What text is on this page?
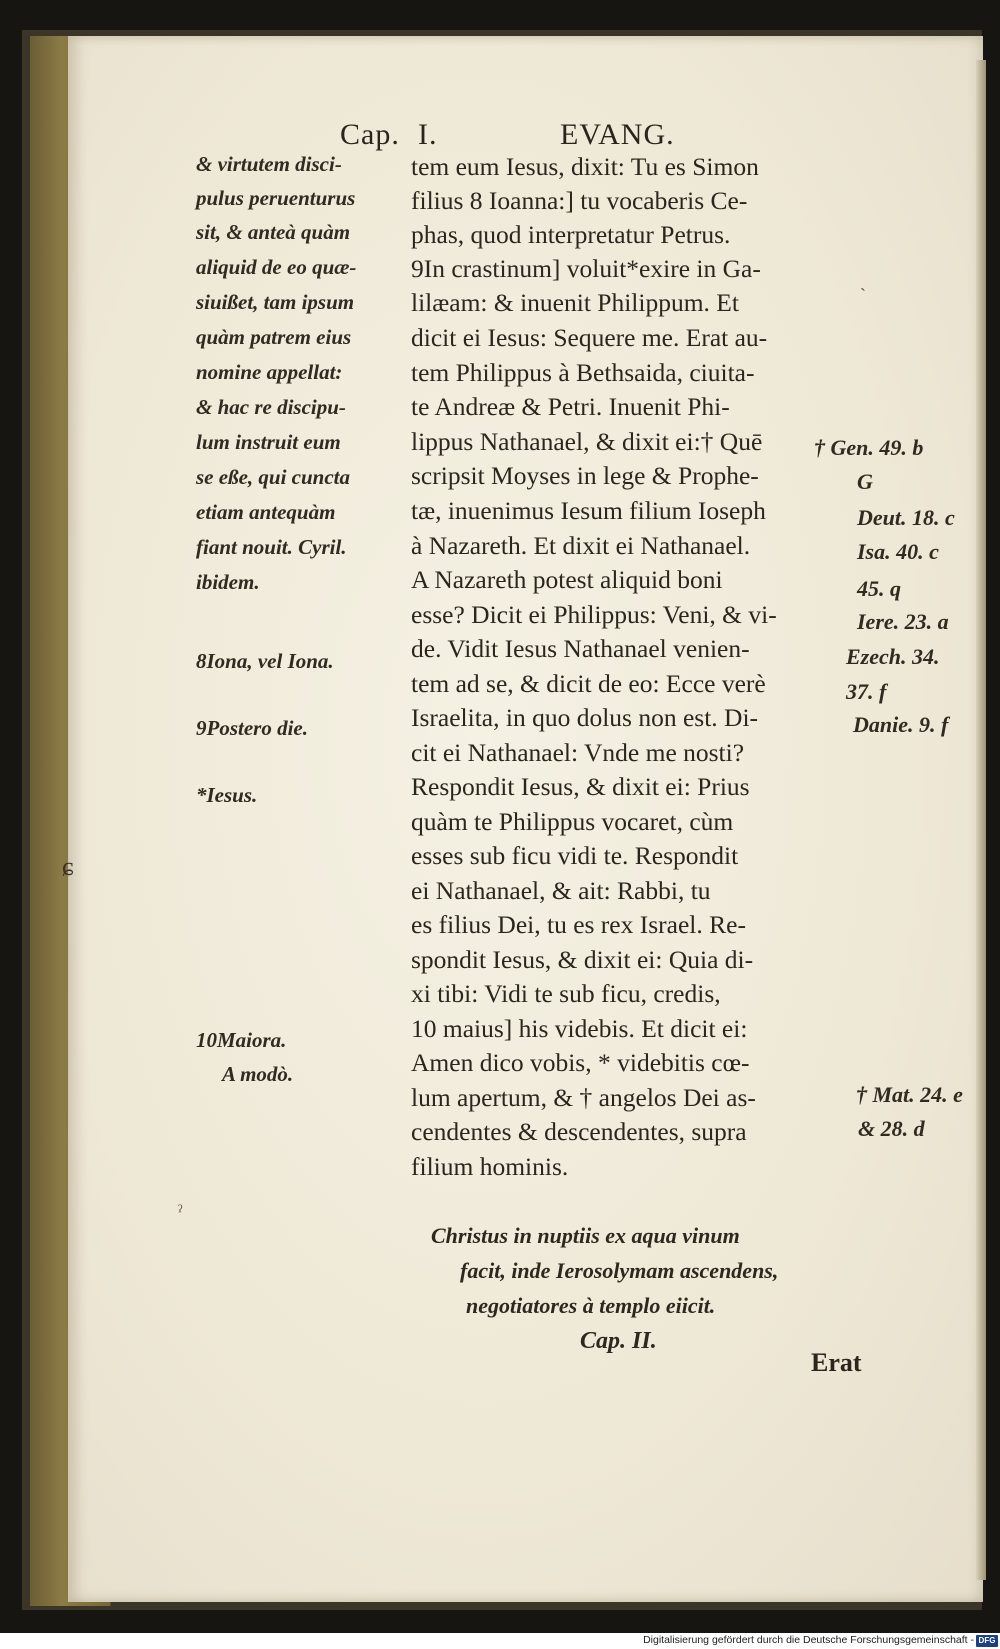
Cap. I.	EVANG.
& virtutem disci-
pulus peruenturus
sit, & anteà quàm
aliquid de eo quæ-
siuißet, tam ipsum
quàm patrem eius
nomine appellat:
& hac re discipu-
lum instruit eum
se eße, qui cuncta
etiam antequàm
fiant nouit. Cyril.
ibidem.
8Iona, vel Iona.
9Postero die.
*Iesus.
10Maiora.
A modò.
tem eum Iesus, dixit: Tu es Simon
filius 8 Ioanna:] tu vocaberis Ce-
phas, quod interpretatur Petrus.
9In crastinum] voluit*exire in Ga-
lilæam: & inuenit Philippum. Et
dicit ei Iesus: Sequere me. Erat au-
tem Philippus à Bethsaida, ciuita-
te Andreæ & Petri. Inuenit Phi-
lippus Nathanael, & dixit ei:† Quē
scripsit Moyses in lege & Prophe-
tæ, inuenimus Iesum filium Ioseph
à Nazareth. Et dixit ei Nathanael.
A Nazareth potest aliquid boni
esse? Dicit ei Philippus: Veni, & vi-
de. Vidit Iesus Nathanael venien-
tem ad se, & dicit de eo: Ecce verè
Israelita, in quo dolus non est. Di-
cit ei Nathanael: Vnde me nosti?
Respondit Iesus, & dixit ei: Prius
quàm te Philippus vocaret, cùm
esses sub ficu vidi te. Respondit
ei Nathanael, & ait: Rabbi, tu
es filius Dei, tu es rex Israel. Re-
spondit Iesus, & dixit ei: Quia di-
xi tibi: Vidi te sub ficu, credis,
10 maius] his videbis. Et dicit ei:
Amen dico vobis, * videbitis cœ-
lum apertum, & † angelos Dei as-
cendentes & descendentes, supra
filium hominis.
† Gen. 49. b
G
Deut. 18. c
Isa. 40. c
45. q
Iere. 23. a
Ezech. 34.
37. f
Danie. 9. f
† Mat. 24. e
& 28. d
Christus in nuptiis ex aqua vinum
facit, inde Ierosolymam ascendens,
negotiatores à templo eiicit.
Cap. II.
Erat
ɕ
ˀ
ˋ
Digitalisierung gefördert durch die Deutsche Forschungsgemeinschaft - DFG
